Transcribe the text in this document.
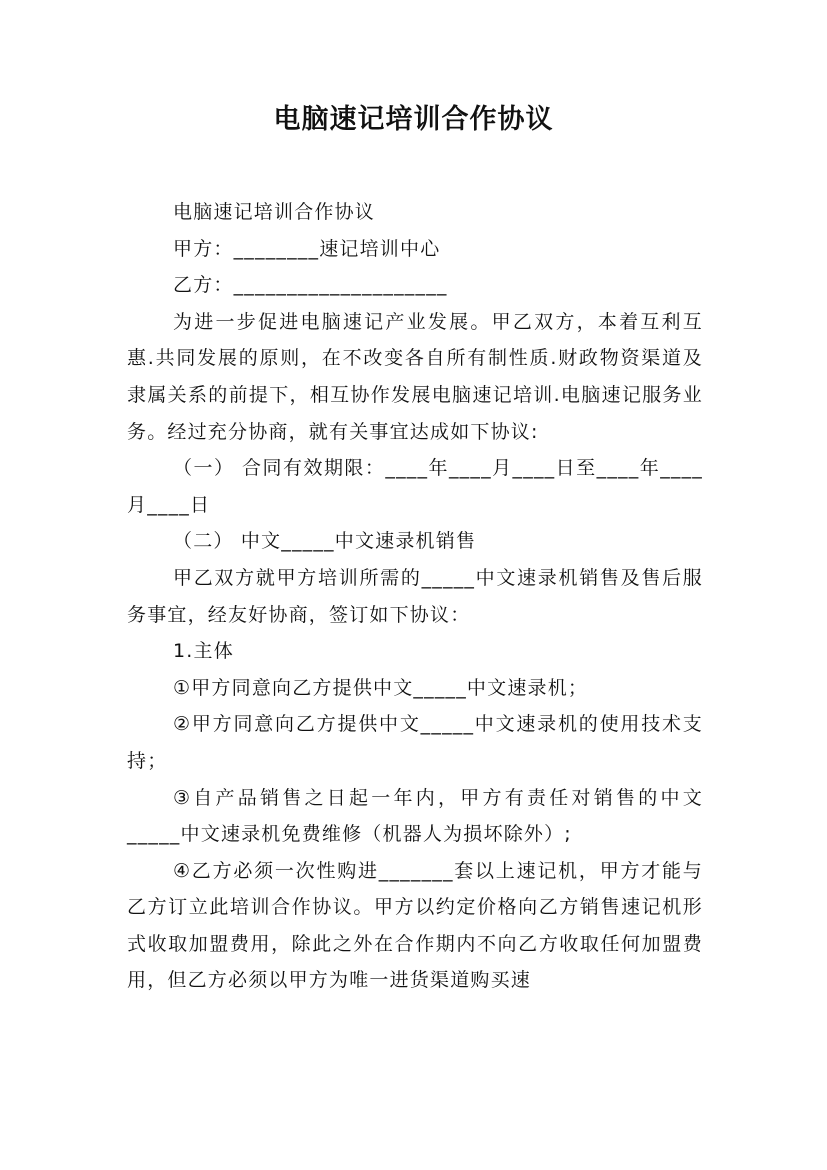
电脑速记培训合作协议

电脑速记培训合作协议

甲方：________速记培训中心

乙方：____________________

为进一步促进电脑速记产业发展。甲乙双方，本着互利互惠.共同发展的原则，在不改变各自所有制性质.财政物资渠道及隶属关系的前提下，相互协作发展电脑速记培训.电脑速记服务业务。经过充分协商，就有关事宜达成如下协议:

（一） 合同有效期限：____年____月____日至____年____月____日

（二） 中文_____中文速录机销售

甲乙双方就甲方培训所需的_____中文速录机销售及售后服务事宜，经友好协商，签订如下协议：

1.主体

①甲方同意向乙方提供中文_____中文速录机；

②甲方同意向乙方提供中文_____中文速录机的使用技术支持；

③自产品销售之日起一年内，甲方有责任对销售的中文_____中文速录机免费维修（机器人为损坏除外）;

④乙方必须一次性购进_______套以上速记机，甲方才能与乙方订立此培训合作协议。甲方以约定价格向乙方销售速记机形式收取加盟费用，除此之外在合作期内不向乙方收取任何加盟费用，但乙方必须以甲方为唯一进货渠道购买速
